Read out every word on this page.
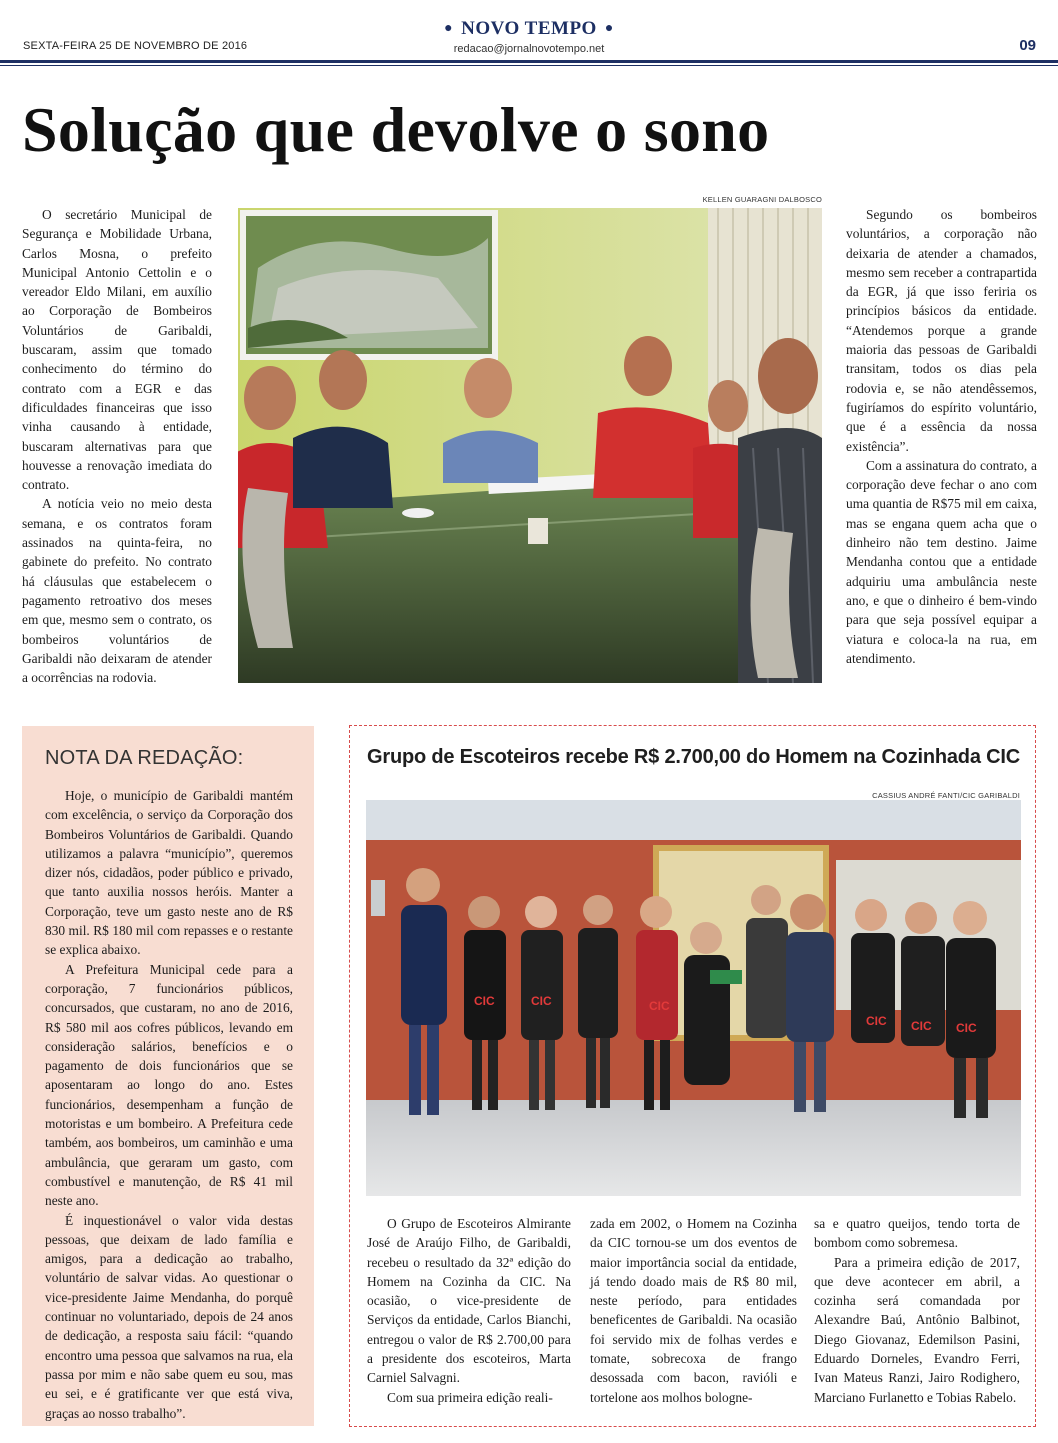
● NOVO TEMPO ●
SEXTA-FEIRA 25 DE NOVEMBRO DE 2016	redacao@jornalnovotempo.net	09
Solução que devolve o sono

O secretário Municipal de Segurança e Mobilidade Urbana, Carlos Mosna, o prefeito Municipal Antonio Cettolin e o vereador Eldo Milani, em auxílio ao Corporação de Bombeiros Voluntários de Garibaldi, buscaram, assim que tomado conhecimento do término do contrato com a EGR e das dificuldades financeiras que isso vinha causando à entidade, buscaram alternativas para que houvesse a renovação imediata do contrato.

A notícia veio no meio desta semana, e os contratos foram assinados na quinta-feira, no gabinete do prefeito. No contrato há cláusulas que estabelecem o pagamento retroativo dos meses em que, mesmo sem o contrato, os bombeiros voluntários de Garibaldi não deixaram de atender a ocorrências na rodovia.

KELLEN GUARAGNI DALBOSCO

Segundo os bombeiros voluntários, a corporação não deixaria de atender a chamados, mesmo sem receber a contrapartida da EGR, já que isso feriria os princípios básicos da entidade. “Atendemos porque a grande maioria das pessoas de Garibaldi transitam, todos os dias pela rodovia e, se não atendêssemos, fugiríamos do espírito voluntário, que é a essência da nossa existência”.

Com a assinatura do contrato, a corporação deve fechar o ano com uma quantia de R$75 mil em caixa, mas se engana quem acha que o dinheiro não tem destino. Jaime Mendanha contou que a entidade adquiriu uma ambulância neste ano, e que o dinheiro é bem-vindo para que seja possível equipar a viatura e coloca-la na rua, em atendimento.

NOTA DA REDAÇÃO:

Hoje, o município de Garibaldi mantém com excelência, o serviço da Corporação dos Bombeiros Voluntários de Garibaldi. Quando utilizamos a palavra “município”, queremos dizer nós, cidadãos, poder público e privado, que tanto auxilia nossos heróis. Manter a Corporação, teve um gasto neste ano de R$ 830 mil. R$ 180 mil com repasses e o restante se explica abaixo.

A Prefeitura Municipal cede para a corporação, 7 funcionários públicos, concursados, que custaram, no ano de 2016, R$ 580 mil aos cofres públicos, levando em consideração salários, benefícios e o pagamento de dois funcionários que se aposentaram ao longo do ano. Estes funcionários, desempenham a função de motoristas e um bombeiro. A Prefeitura cede também, aos bombeiros, um caminhão e uma ambulância, que geraram um gasto, com combustível e manutenção, de R$ 41 mil neste ano.

É inquestionável o valor vida destas pessoas, que deixam de lado família e amigos, para a dedicação ao trabalho, voluntário de salvar vidas. Ao questionar o vice-presidente Jaime Mendanha, do porquê continuar no voluntariado, depois de 24 anos de dedicação, a resposta saiu fácil: “quando encontro uma pessoa que salvamos na rua, ela passa por mim e não sabe quem eu sou, mas eu sei, e é gratificante ver que está viva, graças ao nosso trabalho”.

Grupo de Escoteiros recebe R$ 2.700,00 do Homem na Cozinhada CIC
CASSIUS ANDRÉ FANTI/CIC GARIBALDI
CIC	CIC	CIC
CIC CIC CIC

O Grupo de Escoteiros Almirante José de Araújo Filho, de Garibaldi, recebeu o resultado da 32ª edição do Homem na Cozinha da CIC. Na ocasião, o vice-presidente de Serviços da entidade, Carlos Bianchi, entregou o valor de R$ 2.700,00 para a presidente dos escoteiros, Marta Carniel Salvagni.

Com sua primeira edição reali-

zada em 2002, o Homem na Cozinha da CIC tornou-se um dos eventos de maior importância social da entidade, já tendo doado mais de R$ 80 mil, neste período, para entidades beneficentes de Garibaldi. Na ocasião foi servido mix de folhas verdes e tomate, sobrecoxa de frango desossada com bacon, ravióli e tortelone aos molhos bologne-

sa e quatro queijos, tendo torta de bombom como sobremesa.

Para a primeira edição de 2017, que deve acontecer em abril, a cozinha será comandada por Alexandre Baú, Antônio Balbinot, Diego Giovanaz, Edemilson Pasini, Eduardo Dorneles, Evandro Ferri, Ivan Mateus Ranzi, Jairo Rodighero, Marciano Furlanetto e Tobias Rabelo.
